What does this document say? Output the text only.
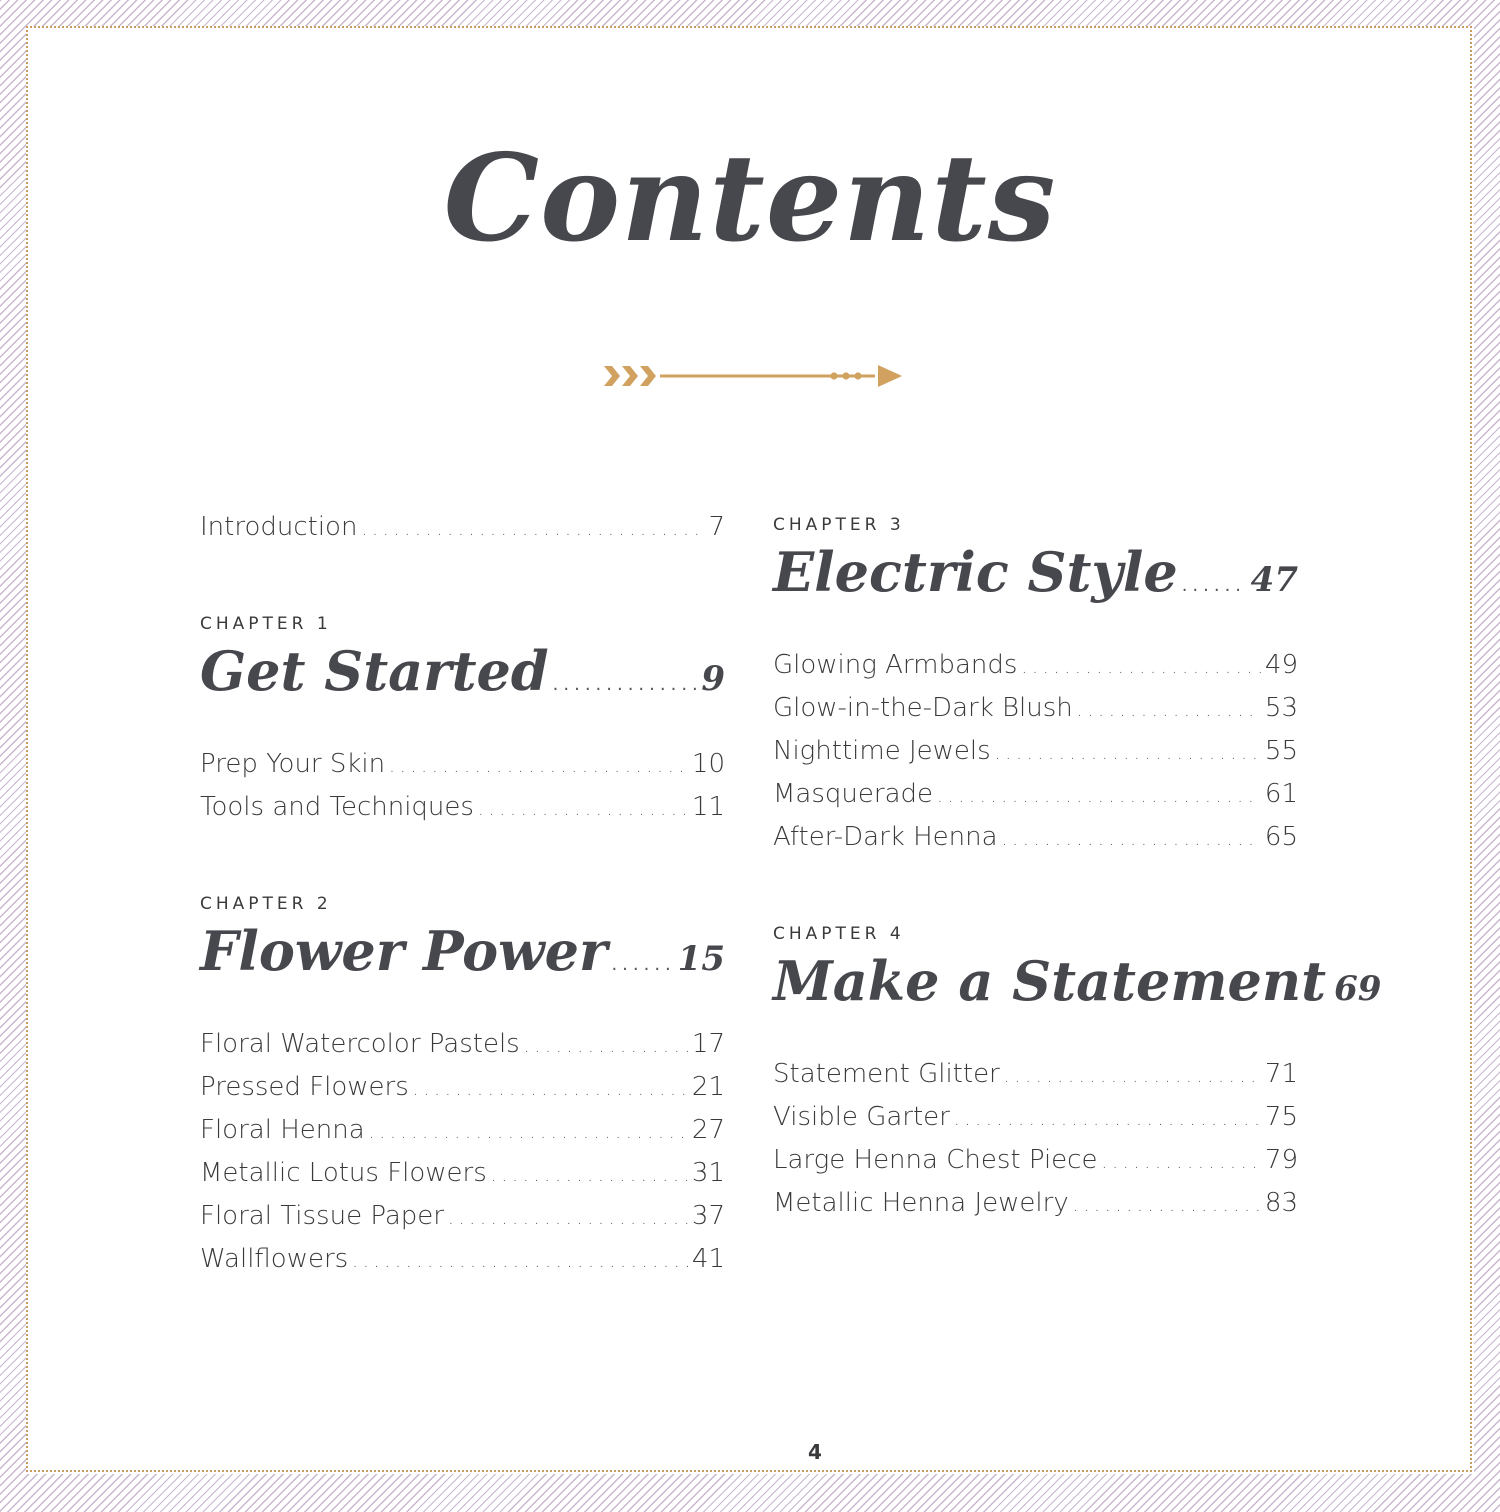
Contents
Introduction .....	7
CHAPTER 1
Get Started .....	9
Prep Your Skin .....	10
Tools and Techniques .....	11
CHAPTER 2
Flower Power ..... 15
Floral Watercolor Pastels .....	17
Pressed Flowers .....	21
Floral Henna .....	27
Metallic Lotus Flowers .....	31
Floral Tissue Paper .....	37
Wallflowers .....	41
CHAPTER 3
Electric Style ..... 47
Glowing Armbands .....	49
Glow-in-the-Dark Blush .....	53
Nighttime Jewels .....	55
Masquerade .....	61
After-Dark Henna .....	65
CHAPTER 4
Make a Statement 69
Statement Glitter .....	71
Visible Garter .....	75
Large Henna Chest Piece .....	79
Metallic Henna Jewelry .....	83
4
